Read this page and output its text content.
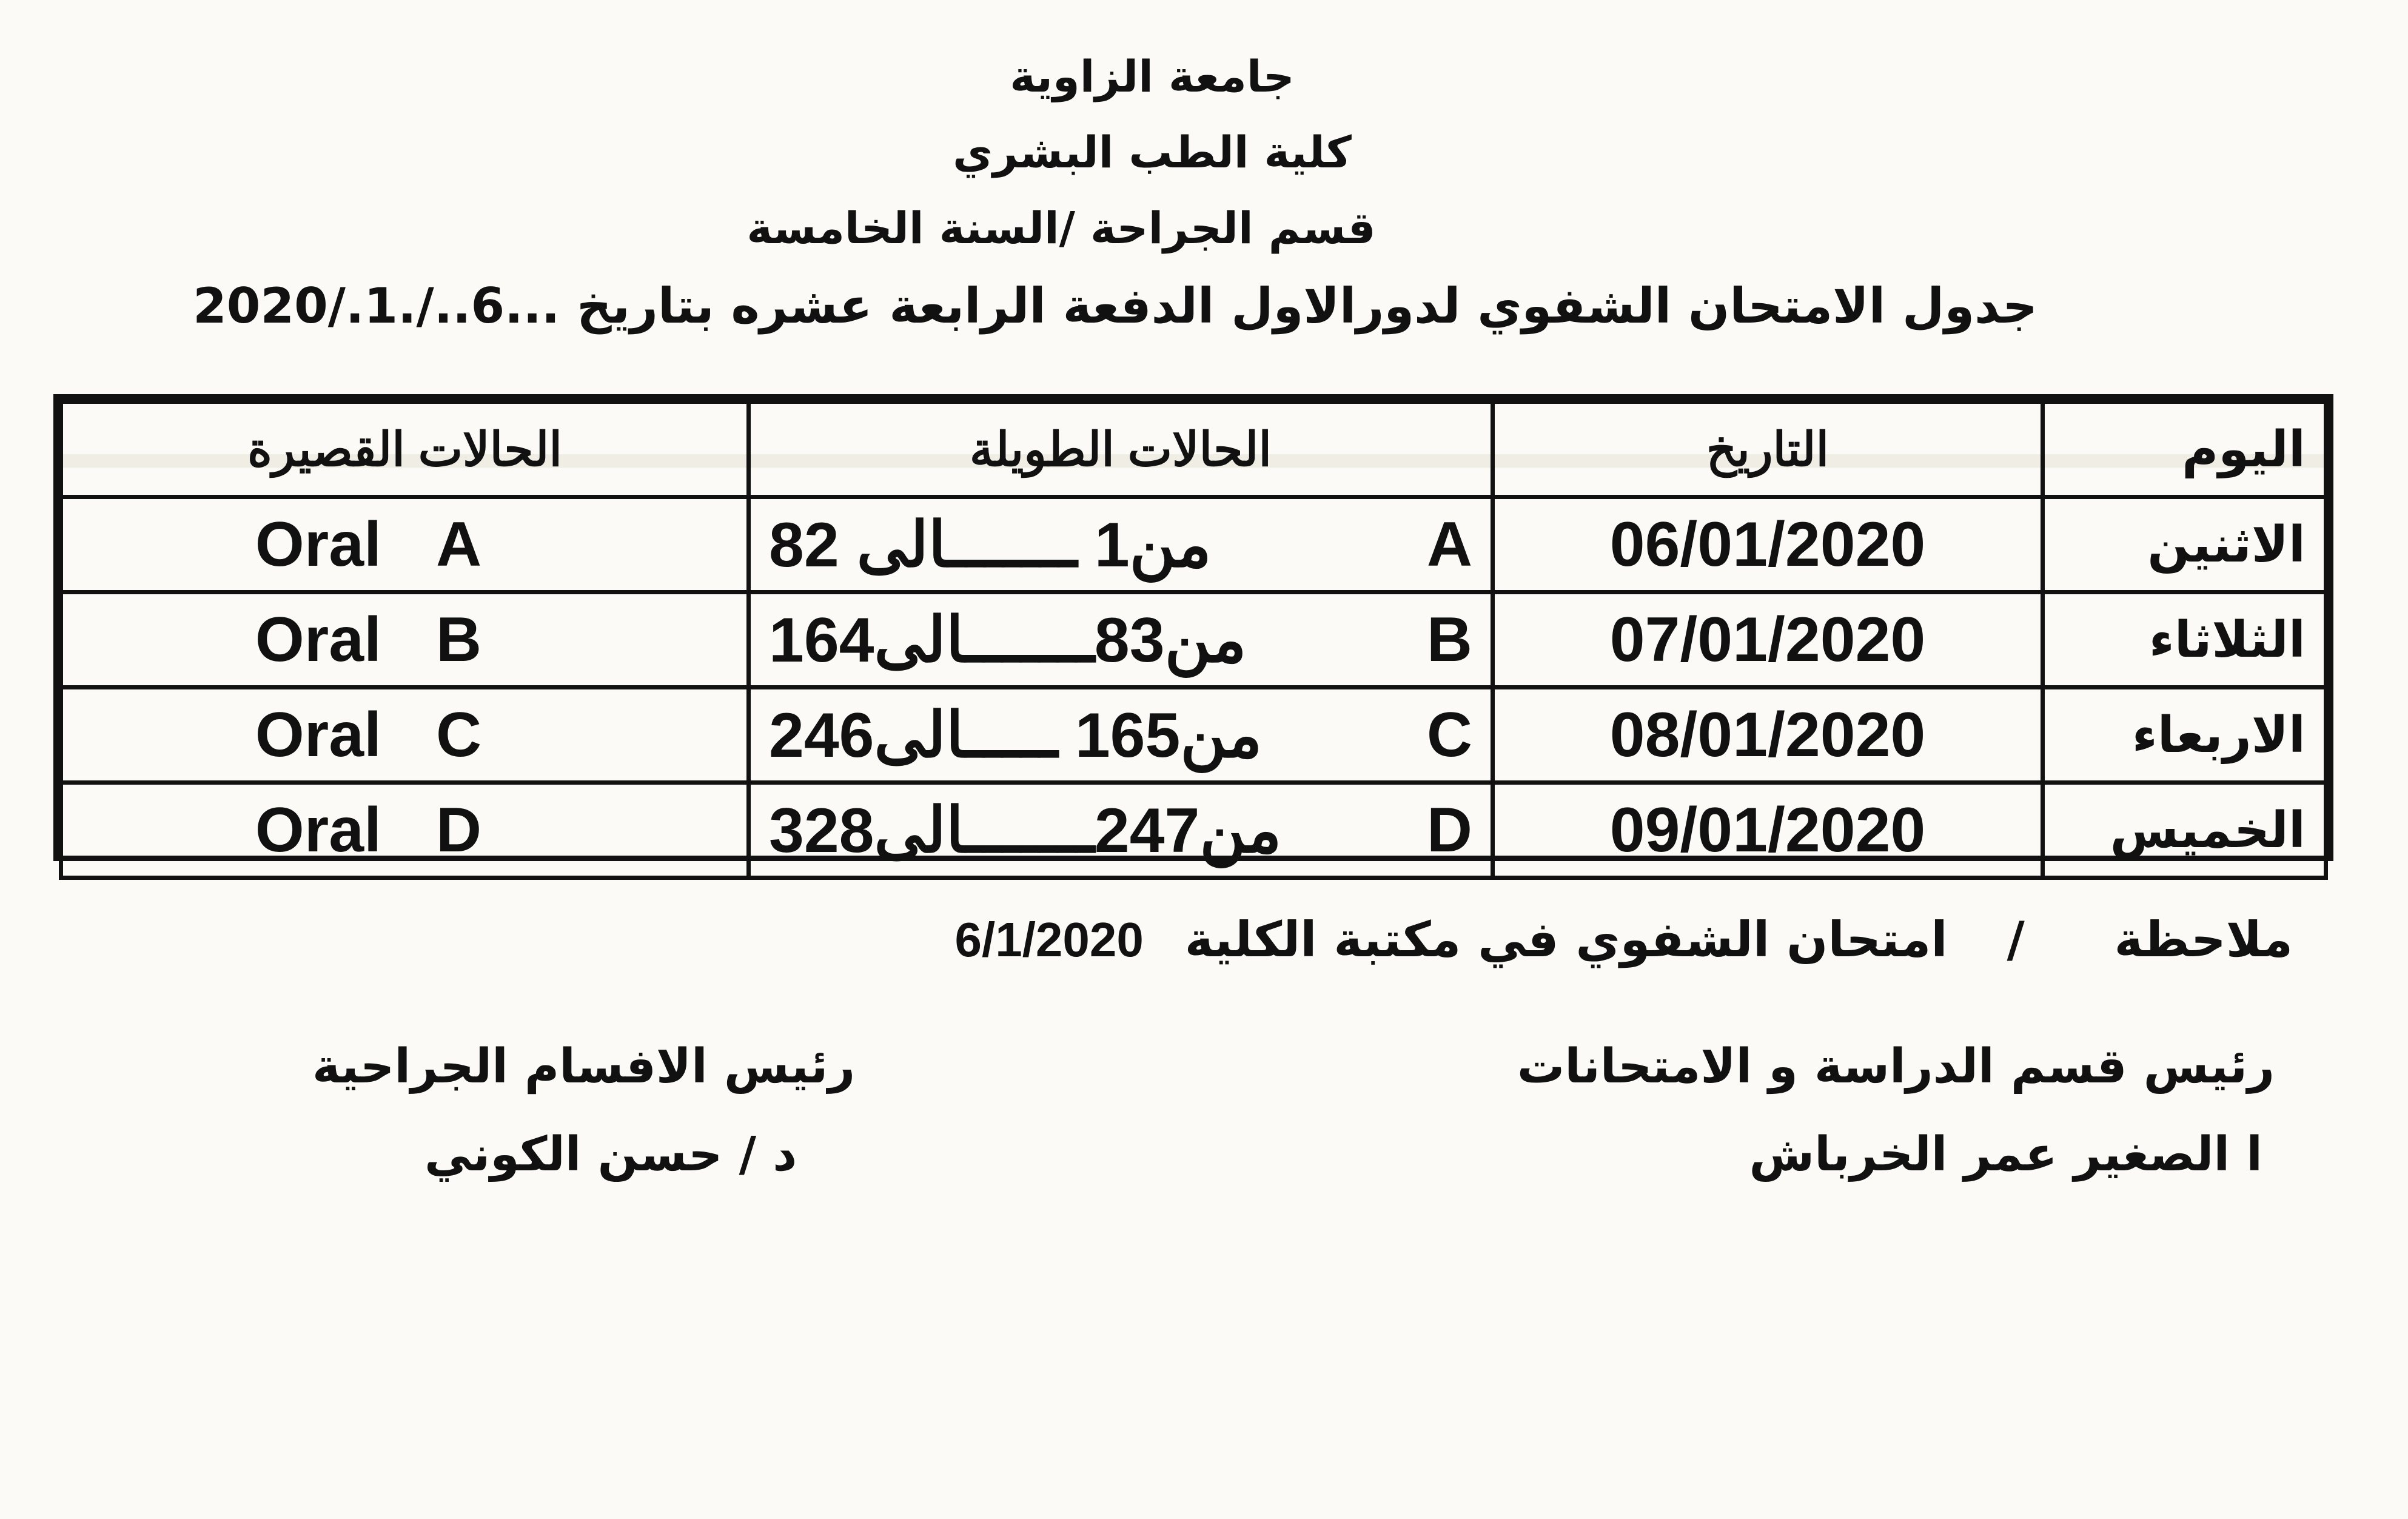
جامعة الزاوية
كلية الطب البشري
قسم الجراحة /السنة الخامسة
جدول الامتحان الشفوي لدورالاول الدفعة الرابعة عشره بتاريخ ...6../.1./2020
اليوم	التاريخ	الحالات الطويلة	الحالات القصيرة
الاثنين	06/01/2020	من1 ـــــــالى 82 A	Oral A

الثلاثاء	07/01/2020	من83ـــــــالى164 B	Oral B

الاربعاء	08/01/2020	من165 ـــــالى246 C	Oral C

الخميس	09/01/2020	من247ـــــــالى328 D	Oral D
ملاحظة / امتحان الشفوي في مكتبة الكلية 6/1/2020
رئيس قسم الدراسة و الامتحانات
ا الصغير عمر الخرباش
رئيس الافسام الجراحية
د / حسن الكوني
